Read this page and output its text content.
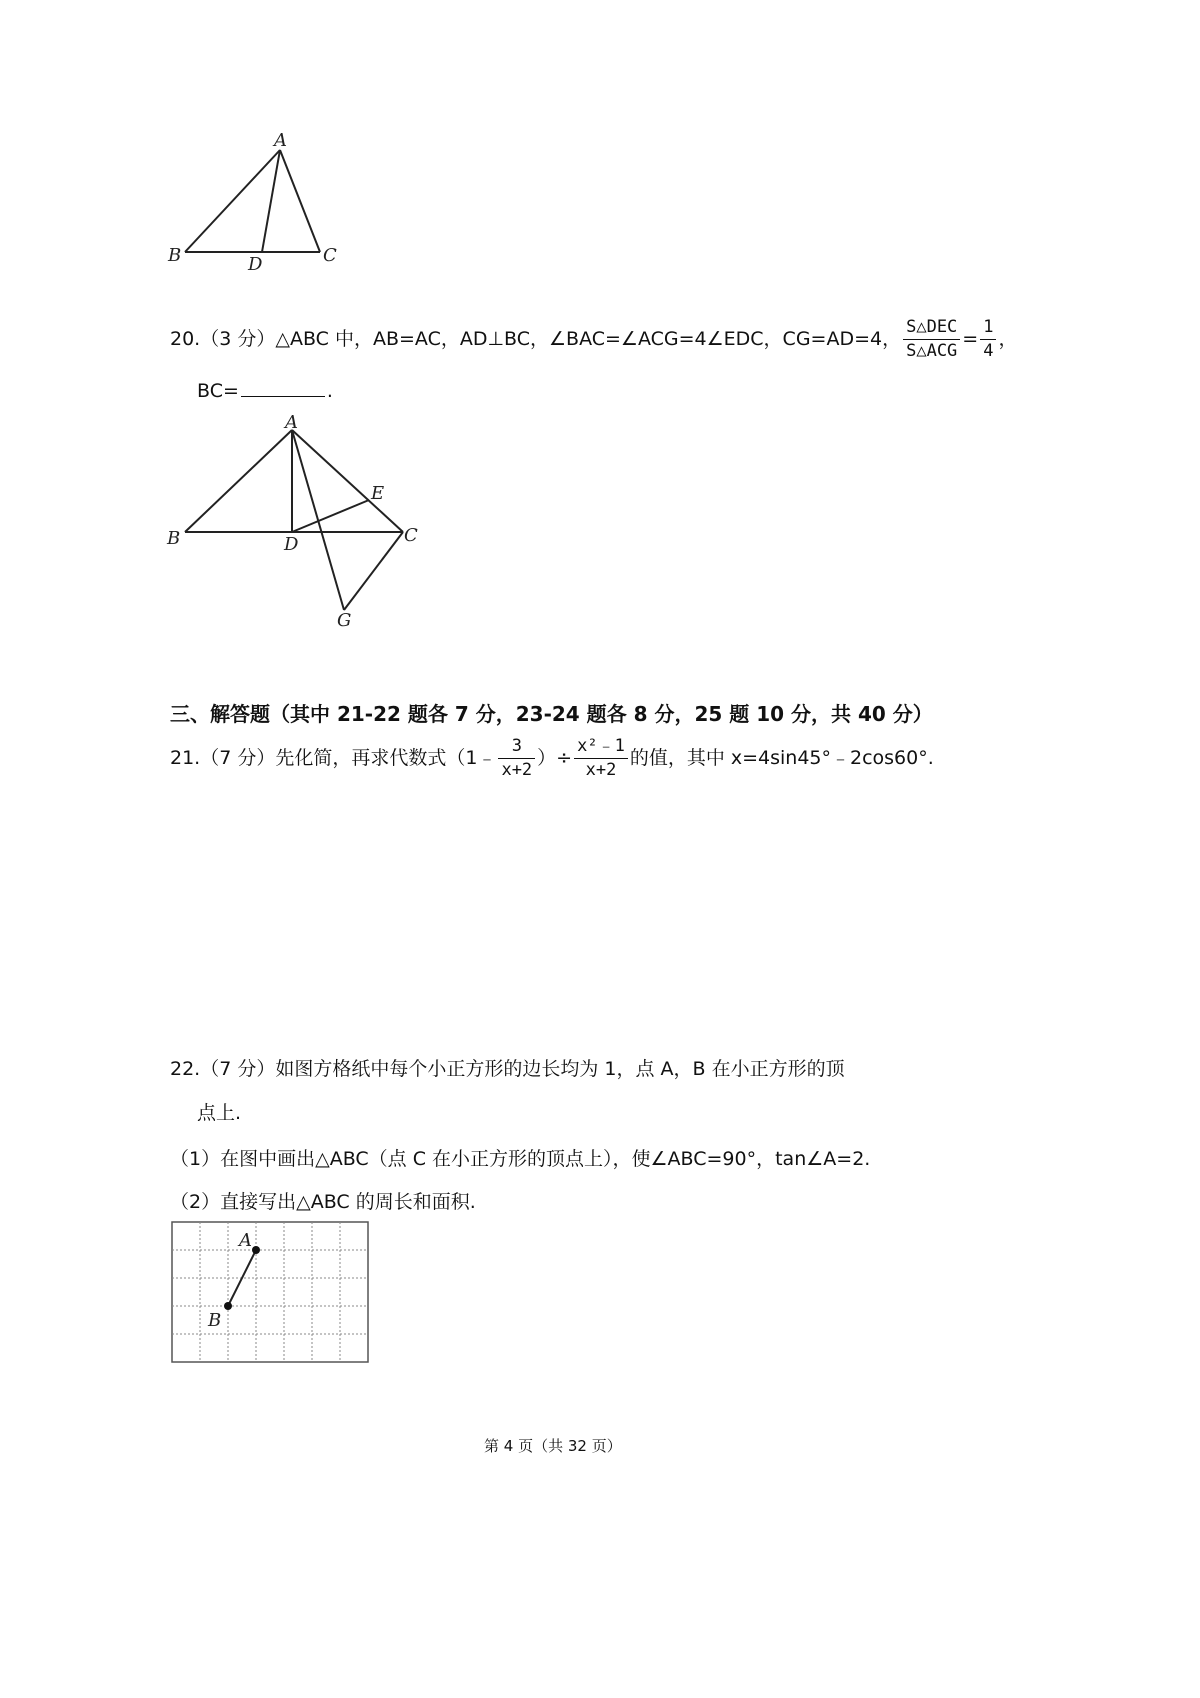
A
B	D	C
20.（3 分）△ABC 中，AB=AC，AD⊥BC，∠BAC=∠ACG=4∠EDC，CG=AD=4， $\frac{\text{S△DEC}}{\text{S△ACG}} = \frac{1}{4}$ ，
BC=	.
A
E
B	D	C
G
三、解答题（其中 21-22 题各 7 分，23-24 题各 8 分，25 题 10 分，共 40 分）
21.（7 分）先化简，再求代数式（1﹣ $\frac{3}{x+2}$ ）÷ $\frac{\text{x²﹣1}}{x+2}$ 的值，其中 x=4sin45°﹣2cos60°.
22.（7 分）如图方格纸中每个小正方形的边长均为 1，点 A，B 在小正方形的顶
点上.
（1）在图中画出△ABC（点 C 在小正方形的顶点上），使∠ABC=90°，tan∠A=2.
（2）直接写出△ABC 的周长和面积.
A
B
第 4 页（共 32 页）
